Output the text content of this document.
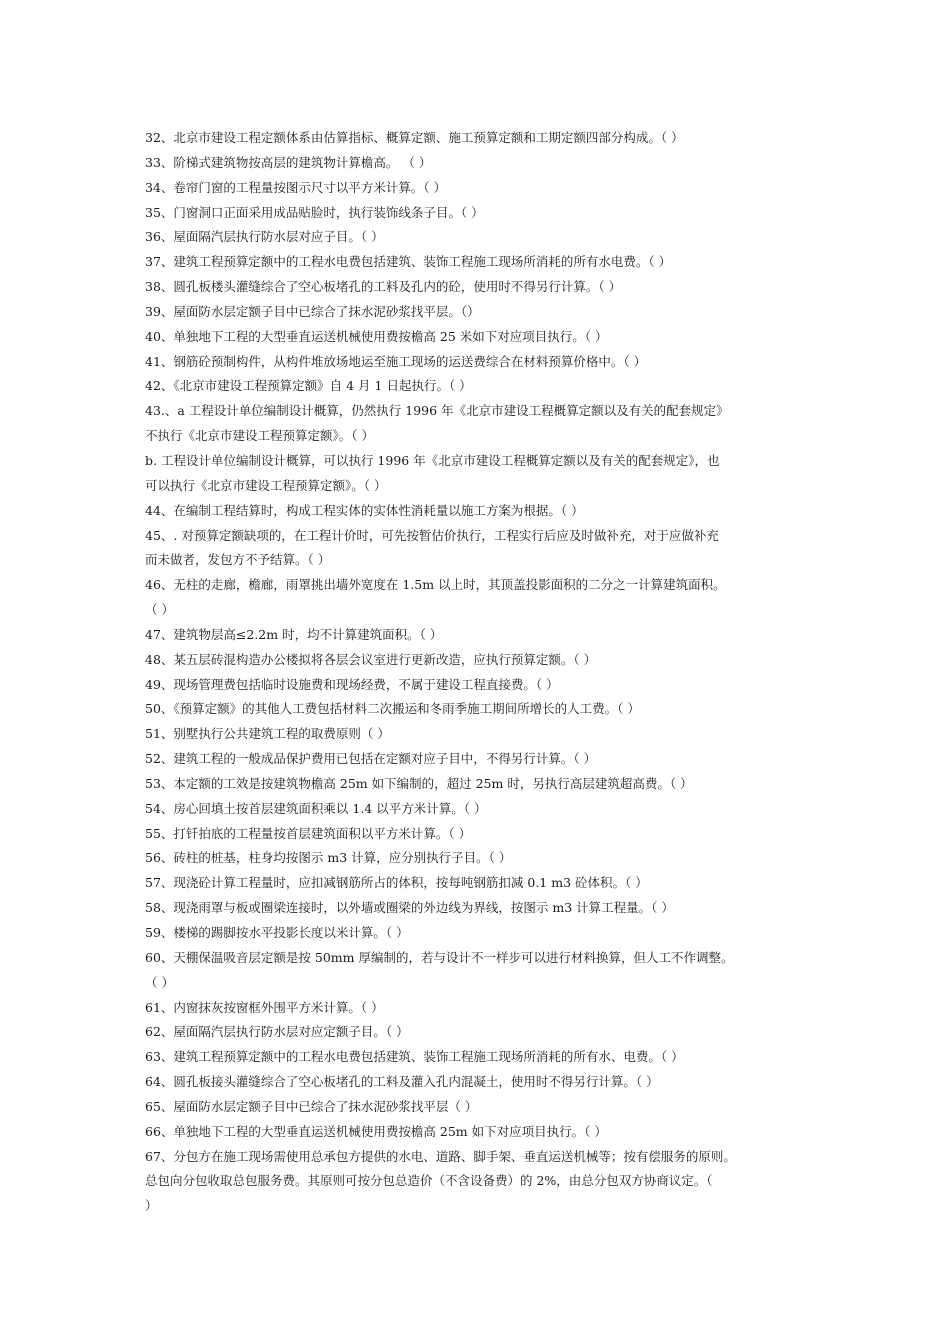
32、北京市建设工程定额体系由估算指标、概算定额、施工预算定额和工期定额四部分构成。（ ）
33、阶梯式建筑物按高层的建筑物计算檐高。 （ ）
34、卷帘门窗的工程量按图示尺寸以平方米计算。（ ）
35、门窗洞口正面采用成品贴脸时，执行装饰线条子目。（ ）
36、屋面隔汽层执行防水层对应子目。（ ）
37、建筑工程预算定额中的工程水电费包括建筑、装饰工程施工现场所消耗的所有水电费。（ ）
38、圆孔板楼头灌缝综合了空心板堵孔的工料及孔内的砼，使用时不得另行计算。（ ）
39、屋面防水层定额子目中已综合了抹水泥砂浆找平层。（）
40、单独地下工程的大型垂直运送机械使用费按檐高 25 米如下对应项目执行。（ ）
41、钢筋砼预制构件，从构件堆放场地运至施工现场的运送费综合在材料预算价格中。（ ）
42、《北京市建设工程预算定额》自 4 月 1 日起执行。（ ）
43.、a 工程设计单位编制设计概算，仍然执行 1996 年《北京市建设工程概算定额以及有关的配套规定》
不执行《北京市建设工程预算定额》。（ ）
b. 工程设计单位编制设计概算，可以执行 1996 年《北京市建设工程概算定额以及有关的配套规定》，也
可以执行《北京市建设工程预算定额》。（ ）
44、在编制工程结算时，构成工程实体的实体性消耗量以施工方案为根据。（ ）
45、. 对预算定额缺项的，在工程计价时，可先按暂估价执行，工程实行后应及时做补充，对于应做补充
而未做者，发包方不予结算。（ ）
46、无柱的走廊，檐廊，雨罩挑出墙外宽度在 1.5m 以上时，其顶盖投影面积的二分之一计算建筑面积。
（ ）
47、建筑物层高≤2.2m 时，均不计算建筑面积。（ ）
48、某五层砖混构造办公楼拟将各层会议室进行更新改造，应执行预算定额。（ ）
49、现场管理费包括临时设施费和现场经费，不属于建设工程直接费。（ ）
50、《预算定额》的其他人工费包括材料二次搬运和冬雨季施工期间所增长的人工费。（ ）
51、别墅执行公共建筑工程的取费原则（ ）
52、建筑工程的一般成品保护费用已包括在定额对应子目中，不得另行计算。（ ）
53、本定额的工效是按建筑物檐高 25m 如下编制的，超过 25m 时，另执行高层建筑超高费。（ ）
54、房心回填土按首层建筑面积乘以 1.4 以平方米计算。（ ）
55、打钎拍底的工程量按首层建筑面积以平方米计算。（ ）
56、砖柱的桩基，柱身均按图示 m3 计算，应分别执行子目。（ ）
57、现浇砼计算工程量时，应扣减钢筋所占的体积，按每吨钢筋扣减 0.1 m3 砼体积。（ ）
58、现浇雨罩与板或圈梁连接时，以外墙或圈梁的外边线为界线，按图示 m3 计算工程量。（ ）
59、楼梯的踢脚按水平投影长度以米计算。（ ）
60、天棚保温吸音层定额是按 50mm 厚编制的，若与设计不一样步可以进行材料换算，但人工不作调整。
（ ）
61、内窗抹灰按窗框外围平方米计算。（ ）
62、屋面隔汽层执行防水层对应定额子目。（ ）
63、建筑工程预算定额中的工程水电费包括建筑、装饰工程施工现场所消耗的所有水、电费。（ ）
64、圆孔板接头灌缝综合了空心板堵孔的工料及灌入孔内混凝土，使用时不得另行计算。（ ）
65、屋面防水层定额子目中已综合了抹水泥砂浆找平层（ ）
66、单独地下工程的大型垂直运送机械使用费按檐高 25m 如下对应项目执行。（ ）
67、分包方在施工现场需使用总承包方提供的水电、道路、脚手架、垂直运送机械等；按有偿服务的原则。
总包向分包收取总包服务费。其原则可按分包总造价（不含设备费）的 2%，由总分包双方协商议定。（
）
